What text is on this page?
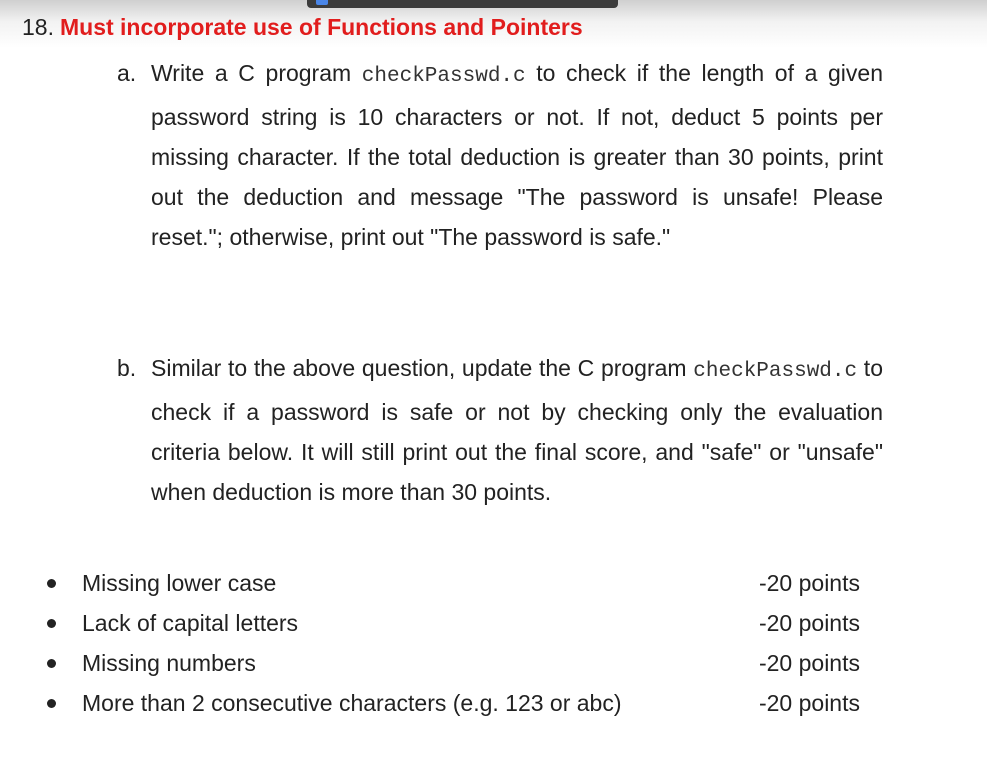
18. Must incorporate use of Functions and Pointers
a. Write a C program checkPasswd.c to check if the length of a given password string is 10 characters or not. If not, deduct 5 points per missing character. If the total deduction is greater than 30 points, print out the deduction and message "The password is unsafe! Please reset."; otherwise, print out "The password is safe."
b. Similar to the above question, update the C program checkPasswd.c to check if a password is safe or not by checking only the evaluation criteria below. It will still print out the final score, and "safe" or "unsafe" when deduction is more than 30 points.
Missing lower case	-20 points
Lack of capital letters	-20 points
Missing numbers	-20 points
More than 2 consecutive characters (e.g. 123 or abc)	-20 points
